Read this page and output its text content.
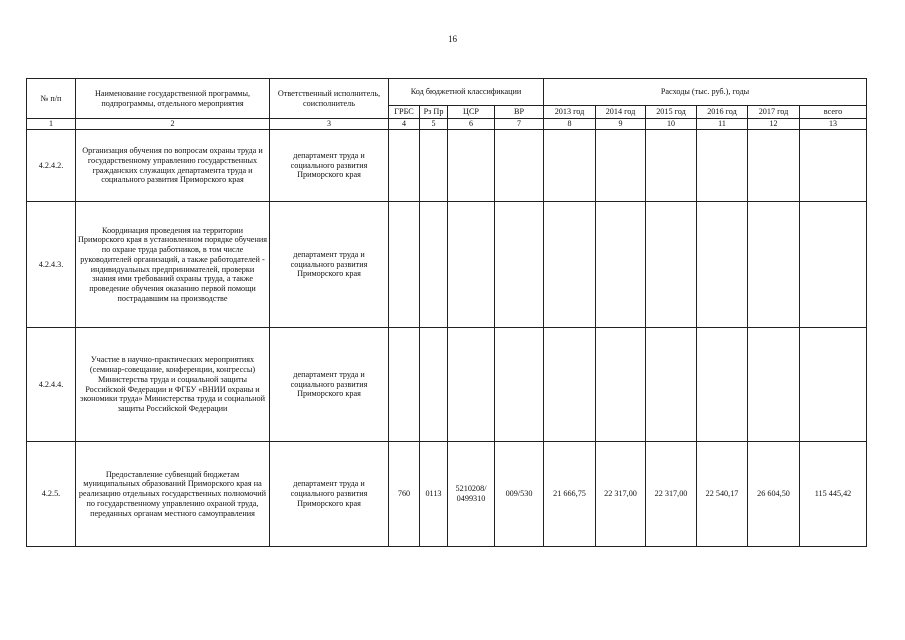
16
№ п/п	Наименование государственной программы, подпрограммы, отдельного мероприятия	Ответственный исполнитель, соисполнитель	Код бюджетной классификации				Расходы (тыс. руб.), годы					
			ГРБС	Рз Пр	ЦСР	ВР	2013 год	2014 год	2015 год	2016 год	2017 год	всего
1	2	3	4	5	6	7	8	9	10	11	12	13
4.2.4.2.	Организация обучения по вопросам охраны труда и государственному управлению государственных гражданских служащих департамента труда и социального развития Приморского края	департамент труда и социального развития Приморского края										
4.2.4.3.	Координация проведения на территории Приморского края в установленном порядке обучения по охране труда работников, в том числе руководителей организаций, а также работодателей - индивидуальных предпринимателей, проверки знания ими требований охраны труда, а также проведение обучения оказанию первой помощи пострадавшим на производстве	департамент труда и социального развития Приморского края										
4.2.4.4.	Участие в научно-практических мероприятиях (семинар-совещание, конференции, конгрессы) Министерства труда и социальной защиты Российской Федерации и ФГБУ «ВНИИ охраны и экономики труда» Министерства труда и социальной защиты Российской Федерации	департамент труда и социального развития Приморского края										
4.2.5.	Предоставление субвенций бюджетам муниципальных образований Приморского края на реализацию отдельных государственных полномочий по государственному управлению охраной труда, переданных органам местного самоуправления	департамент труда и социального развития Приморского края	760	0113	5210208/ 0499310	009/530	21 666,75	22 317,00	22 317,00	22 540,17	26 604,50	115 445,42
